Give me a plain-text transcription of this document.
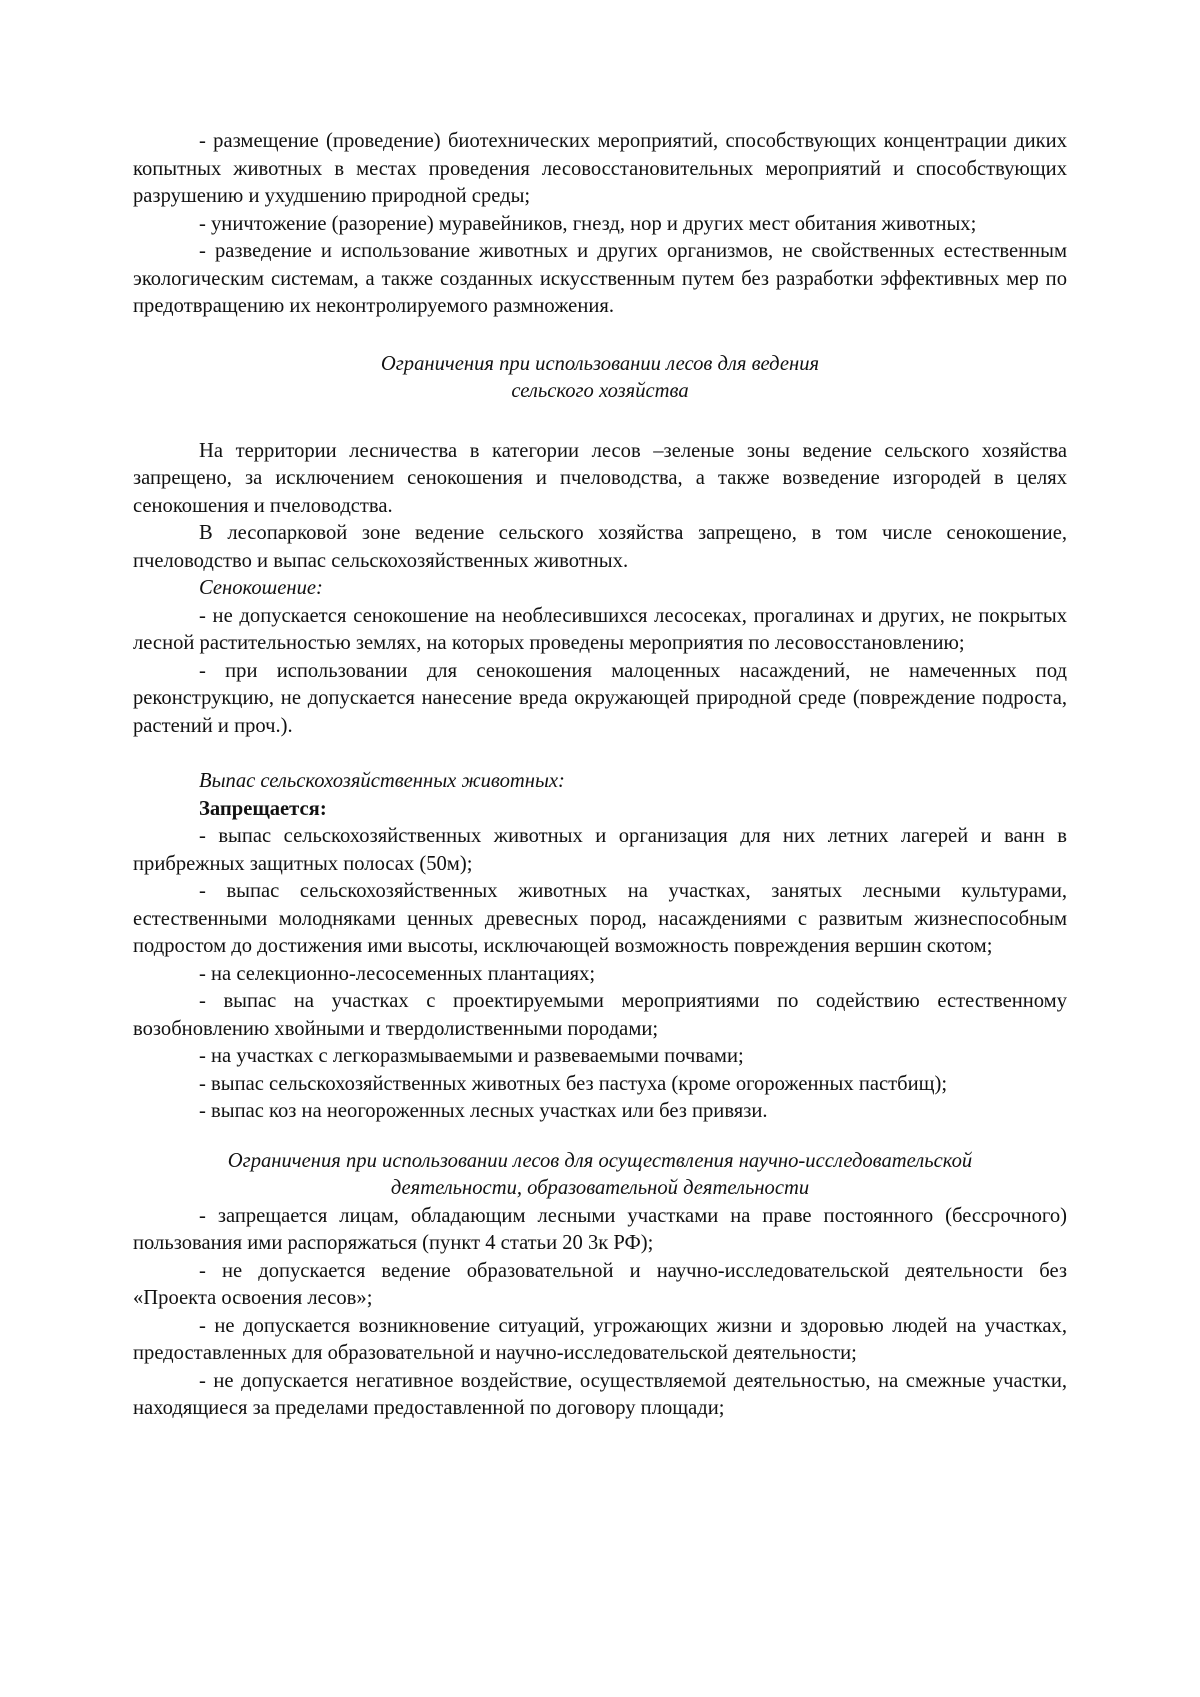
- размещение (проведение) биотехнических мероприятий, способствующих концентрации диких копытных животных в местах проведения лесовосстановительных мероприятий и способствующих разрушению и ухудшению природной среды;

- уничтожение (разорение) муравейников, гнезд, нор и других мест обитания животных;

- разведение и использование животных и других организмов, не свойственных естественным экологическим системам, а также созданных искусственным путем без разработки эффективных мер по предотвращению их неконтролируемого размножения.

Ограничения при использовании лесов для ведения

сельского хозяйства

На территории лесничества в категории лесов –зеленые зоны ведение сельского хозяйства запрещено, за исключением сенокошения и пчеловодства, а также возведение изгородей в целях сенокошения и пчеловодства.

В лесопарковой зоне ведение сельского хозяйства запрещено, в том числе сенокошение, пчеловодство и выпас сельскохозяйственных животных.

Сенокошение:

- не допускается сенокошение на необлесившихся лесосеках, прогалинах и других, не покрытых лесной растительностью землях, на которых проведены мероприятия по лесовосстановлению;

- при использовании для сенокошения малоценных насаждений, не намеченных под реконструкцию, не допускается нанесение вреда окружающей природной среде (повреждение подроста, растений и проч.).

Выпас сельскохозяйственных животных:

Запрещается:

- выпас сельскохозяйственных животных и организация для них летних лагерей и ванн в прибрежных защитных полосах (50м);

- выпас сельскохозяйственных животных на участках, занятых лесными культурами, естественными молодняками ценных древесных пород, насаждениями с развитым жизнеспособным подростом до достижения ими высоты, исключающей возможность повреждения вершин скотом;

- на селекционно-лесосеменных плантациях;

- выпас на участках с проектируемыми мероприятиями по содействию естественному возобновлению хвойными и твердолиственными породами;

- на участках с легкоразмываемыми и развеваемыми почвами;

- выпас сельскохозяйственных животных без пастуха (кроме огороженных пастбищ);

- выпас коз на неогороженных лесных участках или без привязи.

Ограничения при использовании лесов для осуществления научно-исследовательской

деятельности, образовательной деятельности

- запрещается лицам, обладающим лесными участками на праве постоянного (бессрочного) пользования ими распоряжаться (пункт 4 статьи 20 3к РФ);

- не допускается ведение образовательной и научно-исследовательской деятельности без «Проекта освоения лесов»;

- не допускается возникновение ситуаций, угрожающих жизни и здоровью людей на участках, предоставленных для образовательной и научно-исследовательской деятельности;

- не допускается негативное воздействие, осуществляемой деятельностью, на смежные участки, находящиеся за пределами предоставленной по договору площади;
